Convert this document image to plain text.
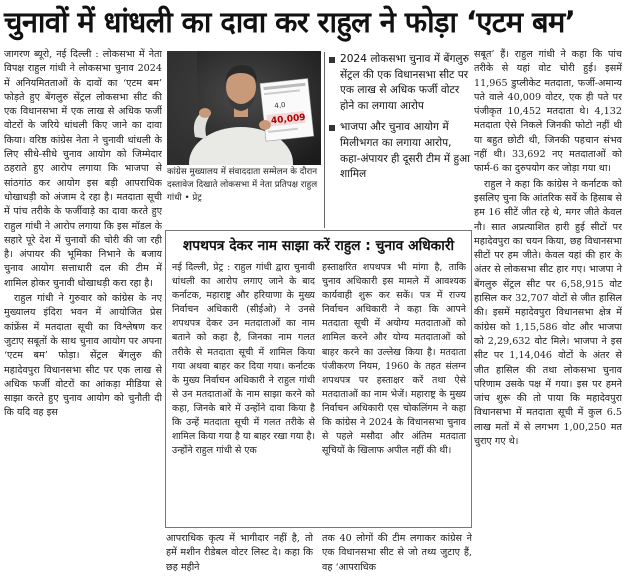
चुनावों में धांधली का दावा कर राहुल ने फोड़ा ‘एटम बम’

जागरण ब्यूरो, नई दिल्ली : लोकसभा में नेता विपक्ष राहुल गांधी ने लोकसभा चुनाव 2024 में अनियमितताओं के दावों का ‘एटम बम’ फोड़ते हुए बेंगलुरु सेंट्रल लोकसभा सीट की एक विधानसभा में एक लाख से अधिक फर्जी वोटरों के जरिये धांधली किए जाने का दावा किया। वरिष्ठ कांग्रेस नेता ने चुनावी धांधली के लिए सीधे-सीधे चुनाव आयोग को जिम्मेदार ठहराते हुए आरोप लगाया कि भाजपा से सांठगांठ कर आयोग इस बड़ी आपराधिक धोखाधड़ी को अंजाम दे रहा है। मतदाता सूची में पांच तरीके के फर्जीवाड़े का दावा करते हुए राहुल गांधी ने आरोप लगाया कि इस मॉडल के सहारे पूरे देश में चुनावों की चोरी की जा रही है। अंपायर की भूमिका निभाने के बजाय चुनाव आयोग सत्ताधारी दल की टीम में शामिल होकर चुनावी धोखाधड़ी करा रहा है।

राहुल गांधी ने गुरुवार को कांग्रेस के नए मुख्यालय इंदिरा भवन में आयोजित प्रेस कांफ्रेंस में मतदाता सूची का विश्लेषण कर जुटाए सबूतों के साथ चुनाव आयोग पर अपना ‘एटम बम’ फोड़ा। सेंट्रल बेंगलुरु की महादेवपुरा विधानसभा सीट पर एक लाख से अधिक फर्जी वोटरों का आंकड़ा मीडिया से साझा करते हुए चुनाव आयोग को चुनौती दी कि यदि वह इस

4,0
40,009
कांग्रेस मुख्यालय में संवाददाता सम्मेलन के दौरान दस्तावेज दिखाते लोकसभा में नेता प्रतिपक्ष राहुल गांधी • प्रेट्र
2024 लोकसभा चुनाव में बेंगलुरु सेंट्रल की एक विधानसभा सीट पर एक लाख से अधिक फर्जी वोटर होने का लगाया आरोप
भाजपा और चुनाव आयोग में मिलीभगत का लगाया आरोप, कहा-अंपायर ही दूसरी टीम में हुआ शामिल
शपथपत्र देकर नाम साझा करें राहुल : चुनाव अधिकारी

नई दिल्ली, प्रेट्र : राहुल गांधी द्वारा चुनावी धांधली का आरोप लगाए जाने के बाद कर्नाटक, महाराष्ट्र और हरियाणा के मुख्य निर्वाचन अधिकारी (सीईओ) ने उनसे शपथपत्र देकर उन मतदाताओं का नाम बताने को कहा है, जिनका नाम गलत तरीके से मतदाता सूची में शामिल किया गया अथवा बाहर कर दिया गया। कर्नाटक के मुख्य निर्वाचन अधिकारी ने राहुल गांधी से उन मतदाताओं के नाम साझा करने को कहा, जिनके बारे में उन्होंने दावा किया है कि उन्हें मतदाता सूची में गलत तरीके से शामिल किया गया है या बाहर रखा गया है। उन्होंने राहुल गांधी से एक

हस्ताक्षरित शपथपत्र भी मांगा है, ताकि चुनाव अधिकारी इस मामले में आवश्यक कार्यवाही शुरू कर सकें। पत्र में राज्य निर्वाचन अधिकारी ने कहा कि आपने मतदाता सूची में अयोग्य मतदाताओं को शामिल करने और योग्य मतदाताओं को बाहर करने का उल्लेख किया है। मतदाता पंजीकरण नियम, 1960 के तहत संलग्न शपथपत्र पर हस्ताक्षर करें तथा ऐसे मतदाताओं का नाम भेजें। महाराष्ट्र के मुख्य निर्वाचन अधिकारी एस चोकलिंगम ने कहा कि कांग्रेस ने 2024 के विधानसभा चुनाव से पहले मसौदा और अंतिम मतदाता सूचियों के खिलाफ अपील नहीं की थी।

आपराधिक कृत्य में भागीदार नहीं है, तो हमें मशीन रीडेबल वोटर लिस्ट दे। कहा कि छह महीने
तक 40 लोगों की टीम लगाकर कांग्रेस ने एक विधानसभा सीट से जो तथ्य जुटाए हैं, वह ‘आपराधिक

सबूत’ हैं। राहुल गांधी ने कहा कि पांच तरीके से यहां वोट चोरी हुई। इसमें 11,965 डुप्लीकेट मतदाता, फर्जी-अमान्य पते वाले 40,009 वोटर, एक ही पते पर पंजीकृत 10,452 मतदाता थे। 4,132 मतदाता ऐसे निकले जिनकी फोटो नहीं थी या बहुत छोटी थी, जिनकी पहचान संभव नहीं थी। 33,692 नए मतदाताओं को फार्म-6 का दुरुपयोग कर जोड़ा गया था।

राहुल ने कहा कि कांग्रेस ने कर्नाटक को इसलिए चुना कि आंतरिक सर्वे के हिसाब से हम 16 सीटें जीत रहे थे, मगर जीते केवल नौ। सात अप्रत्याशित हारी हुई सीटों पर महादेवपुरा का चयन किया, छह विधानसभा सीटों पर हम जीते। केवल यहां की हार के अंतर से लोकसभा सीट हार गए। भाजपा ने बेंगलुरु सेंट्रल सीट पर 6,58,915 वोट हासिल कर 32,707 वोटों से जीत हासिल की। इसमें महादेवपुरा विधानसभा क्षेत्र में कांग्रेस को 1,15,586 वोट और भाजपा को 2,29,632 वोट मिले। भाजपा ने इस सीट पर 1,14,046 वोटों के अंतर से जीत हासिल की तथा लोकसभा चुनाव परिणाम उसके पक्ष में गया। इस पर हमने जांच शुरू की तो पाया कि महादेवपुरा विधानसभा में मतदाता सूची में कुल 6.5 लाख मतों में से लगभग 1,00,250 मत चुराए गए थे।
